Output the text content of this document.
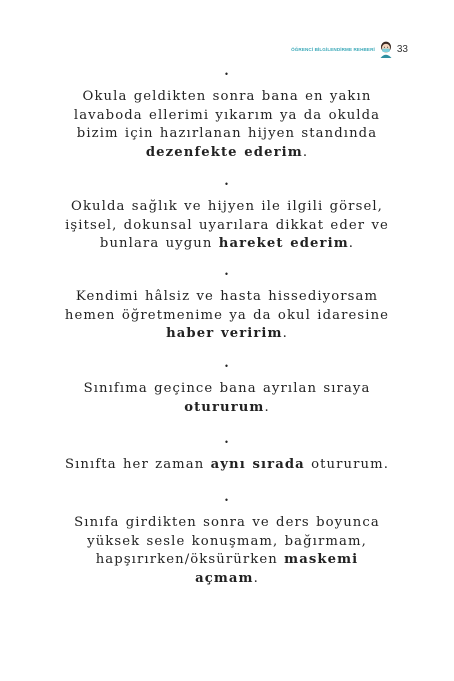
ÖĞRENCİ BİLGİLENDİRME REHBERİ 33
•
Okula geldikten sonra bana en yakın
lavaboda ellerimi yıkarım ya da okulda
bizim için hazırlanan hijyen standında
dezenfekte ederim.
•
Okulda sağlık ve hijyen ile ilgili görsel,
işitsel, dokunsal uyarılara dikkat eder ve
bunlara uygun hareket ederim.
•
Kendimi hâlsiz ve hasta hissediyorsam
hemen öğretmenime ya da okul idaresine
haber veririm.
•
Sınıfıma geçince bana ayrılan sıraya
otururum.
•
Sınıfta her zaman aynı sırada otururum.
•
Sınıfa girdikten sonra ve ders boyunca
yüksek sesle konuşmam, bağırmam,
hapşırırken/öksürürken maskemi
açmam.
